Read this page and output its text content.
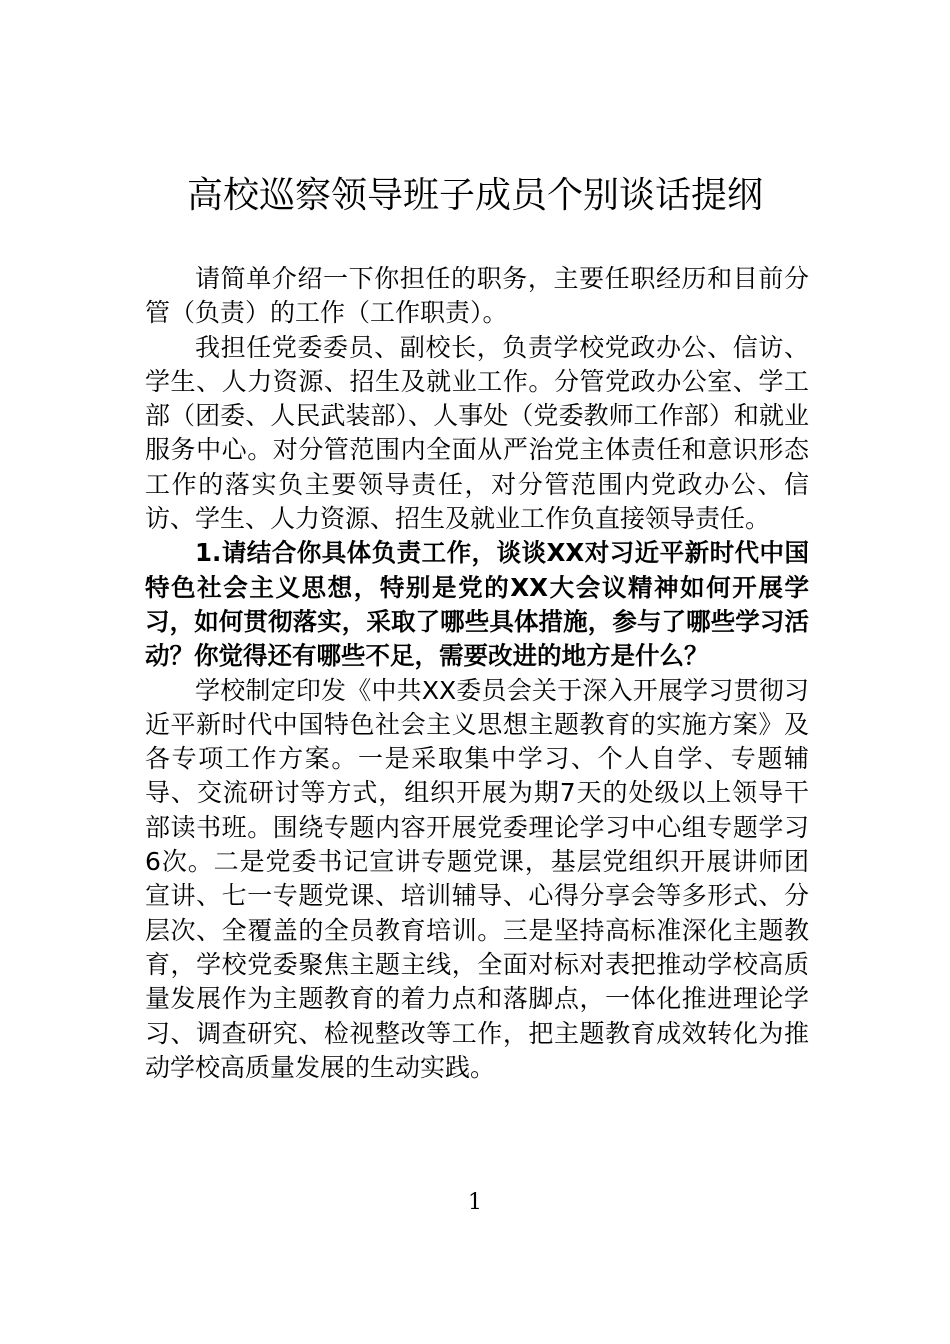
高校巡察领导班子成员个别谈话提纲

请简单介绍一下你担任的职务，主要任职经历和目前分管（负责）的工作（工作职责）。

我担任党委委员、副校长，负责学校党政办公、信访、学生、人力资源、招生及就业工作。分管党政办公室、学工部（团委、人民武装部）、人事处（党委教师工作部）和就业服务中心。对分管范围内全面从严治党主体责任和意识形态工作的落实负主要领导责任，对分管范围内党政办公、信访、学生、人力资源、招生及就业工作负直接领导责任。

1.请结合你具体负责工作，谈谈XX对习近平新时代中国特色社会主义思想，特别是党的XX大会议精神如何开展学习，如何贯彻落实，采取了哪些具体措施，参与了哪些学习活动？你觉得还有哪些不足，需要改进的地方是什么？

学校制定印发《中共XX委员会关于深入开展学习贯彻习近平新时代中国特色社会主义思想主题教育的实施方案》及各专项工作方案。一是采取集中学习、个人自学、专题辅导、交流研讨等方式，组织开展为期7天的处级以上领导干部读书班。围绕专题内容开展党委理论学习中心组专题学习6次。二是党委书记宣讲专题党课，基层党组织开展讲师团宣讲、七一专题党课、培训辅导、心得分享会等多形式、分层次、全覆盖的全员教育培训。三是坚持高标准深化主题教育，学校党委聚焦主题主线，全面对标对表把推动学校高质量发展作为主题教育的着力点和落脚点，一体化推进理论学习、调查研究、检视整改等工作，把主题教育成效转化为推动学校高质量发展的生动实践。

1
